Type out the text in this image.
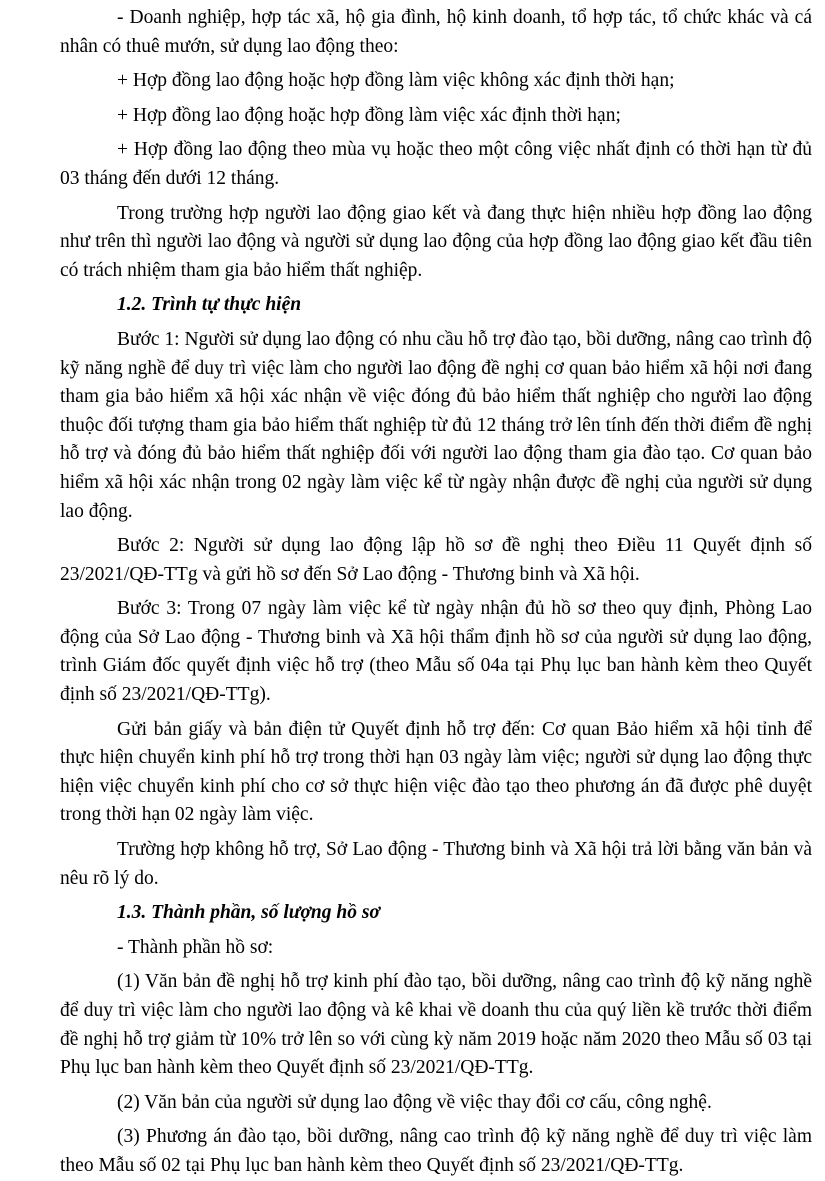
- Doanh nghiệp, hợp tác xã, hộ gia đình, hộ kinh doanh, tổ hợp tác, tổ chức khác và cá nhân có thuê mướn, sử dụng lao động theo:

+ Hợp đồng lao động hoặc hợp đồng làm việc không xác định thời hạn;

+ Hợp đồng lao động hoặc hợp đồng làm việc xác định thời hạn;

+ Hợp đồng lao động theo mùa vụ hoặc theo một công việc nhất định có thời hạn từ đủ 03 tháng đến dưới 12 tháng.

Trong trường hợp người lao động giao kết và đang thực hiện nhiều hợp đồng lao động như trên thì người lao động và người sử dụng lao động của hợp đồng lao động giao kết đầu tiên có trách nhiệm tham gia bảo hiểm thất nghiệp.

1.2. Trình tự thực hiện

Bước 1: Người sử dụng lao động có nhu cầu hỗ trợ đào tạo, bồi dưỡng, nâng cao trình độ kỹ năng nghề để duy trì việc làm cho người lao động đề nghị cơ quan bảo hiểm xã hội nơi đang tham gia bảo hiểm xã hội xác nhận về việc đóng đủ bảo hiểm thất nghiệp cho người lao động thuộc đối tượng tham gia bảo hiểm thất nghiệp từ đủ 12 tháng trở lên tính đến thời điểm đề nghị hỗ trợ và đóng đủ bảo hiểm thất nghiệp đối với người lao động tham gia đào tạo. Cơ quan bảo hiểm xã hội xác nhận trong 02 ngày làm việc kể từ ngày nhận được đề nghị của người sử dụng lao động.

Bước 2: Người sử dụng lao động lập hồ sơ đề nghị theo Điều 11 Quyết định số 23/2021/QĐ-TTg và gửi hồ sơ đến Sở Lao động - Thương binh và Xã hội.

Bước 3: Trong 07 ngày làm việc kể từ ngày nhận đủ hồ sơ theo quy định, Phòng Lao động của Sở Lao động - Thương binh và Xã hội thẩm định hồ sơ của người sử dụng lao động, trình Giám đốc quyết định việc hỗ trợ (theo Mẫu số 04a tại Phụ lục ban hành kèm theo Quyết định số 23/2021/QĐ-TTg).

Gửi bản giấy và bản điện tử Quyết định hỗ trợ đến: Cơ quan Bảo hiểm xã hội tỉnh để thực hiện chuyển kinh phí hỗ trợ trong thời hạn 03 ngày làm việc; người sử dụng lao động thực hiện việc chuyển kinh phí cho cơ sở thực hiện việc đào tạo theo phương án đã được phê duyệt trong thời hạn 02 ngày làm việc.

Trường hợp không hỗ trợ, Sở Lao động - Thương binh và Xã hội trả lời bằng văn bản và nêu rõ lý do.

1.3. Thành phần, số lượng hồ sơ

- Thành phần hồ sơ:

(1) Văn bản đề nghị hỗ trợ kinh phí đào tạo, bồi dưỡng, nâng cao trình độ kỹ năng nghề để duy trì việc làm cho người lao động và kê khai về doanh thu của quý liền kề trước thời điểm đề nghị hỗ trợ giảm từ 10% trở lên so với cùng kỳ năm 2019 hoặc năm 2020 theo Mẫu số 03 tại Phụ lục ban hành kèm theo Quyết định số 23/2021/QĐ-TTg.

(2) Văn bản của người sử dụng lao động về việc thay đổi cơ cấu, công nghệ.

(3) Phương án đào tạo, bồi dưỡng, nâng cao trình độ kỹ năng nghề để duy trì việc làm theo Mẫu số 02 tại Phụ lục ban hành kèm theo Quyết định số 23/2021/QĐ-TTg.
